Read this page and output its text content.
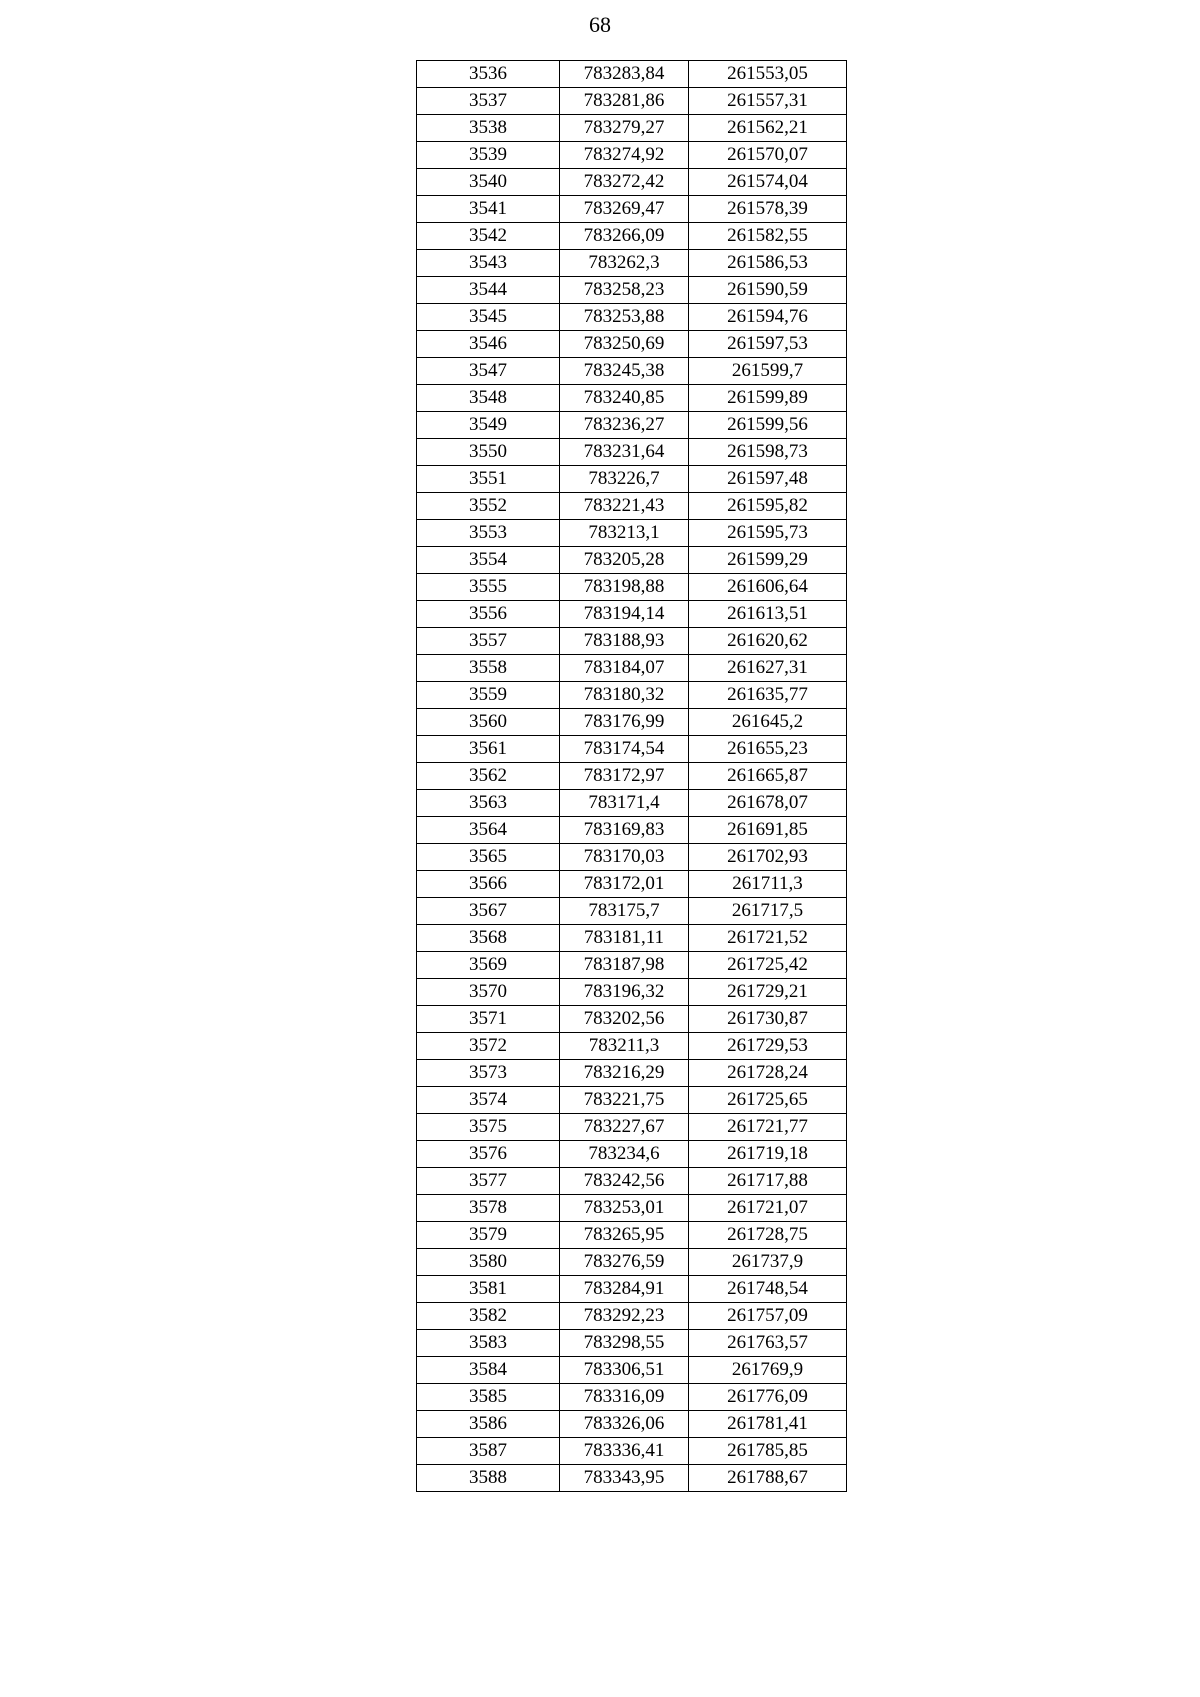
68
3536	783283,84	261553,05
3537	783281,86	261557,31
3538	783279,27	261562,21
3539	783274,92	261570,07
3540	783272,42	261574,04
3541	783269,47	261578,39
3542	783266,09	261582,55
3543	783262,3	261586,53
3544	783258,23	261590,59
3545	783253,88	261594,76
3546	783250,69	261597,53
3547	783245,38	261599,7
3548	783240,85	261599,89
3549	783236,27	261599,56
3550	783231,64	261598,73
3551	783226,7	261597,48
3552	783221,43	261595,82
3553	783213,1	261595,73
3554	783205,28	261599,29
3555	783198,88	261606,64
3556	783194,14	261613,51
3557	783188,93	261620,62
3558	783184,07	261627,31
3559	783180,32	261635,77
3560	783176,99	261645,2
3561	783174,54	261655,23
3562	783172,97	261665,87
3563	783171,4	261678,07
3564	783169,83	261691,85
3565	783170,03	261702,93
3566	783172,01	261711,3
3567	783175,7	261717,5
3568	783181,11	261721,52
3569	783187,98	261725,42
3570	783196,32	261729,21
3571	783202,56	261730,87
3572	783211,3	261729,53
3573	783216,29	261728,24
3574	783221,75	261725,65
3575	783227,67	261721,77
3576	783234,6	261719,18
3577	783242,56	261717,88
3578	783253,01	261721,07
3579	783265,95	261728,75
3580	783276,59	261737,9
3581	783284,91	261748,54
3582	783292,23	261757,09
3583	783298,55	261763,57
3584	783306,51	261769,9
3585	783316,09	261776,09
3586	783326,06	261781,41
3587	783336,41	261785,85
3588	783343,95	261788,67
